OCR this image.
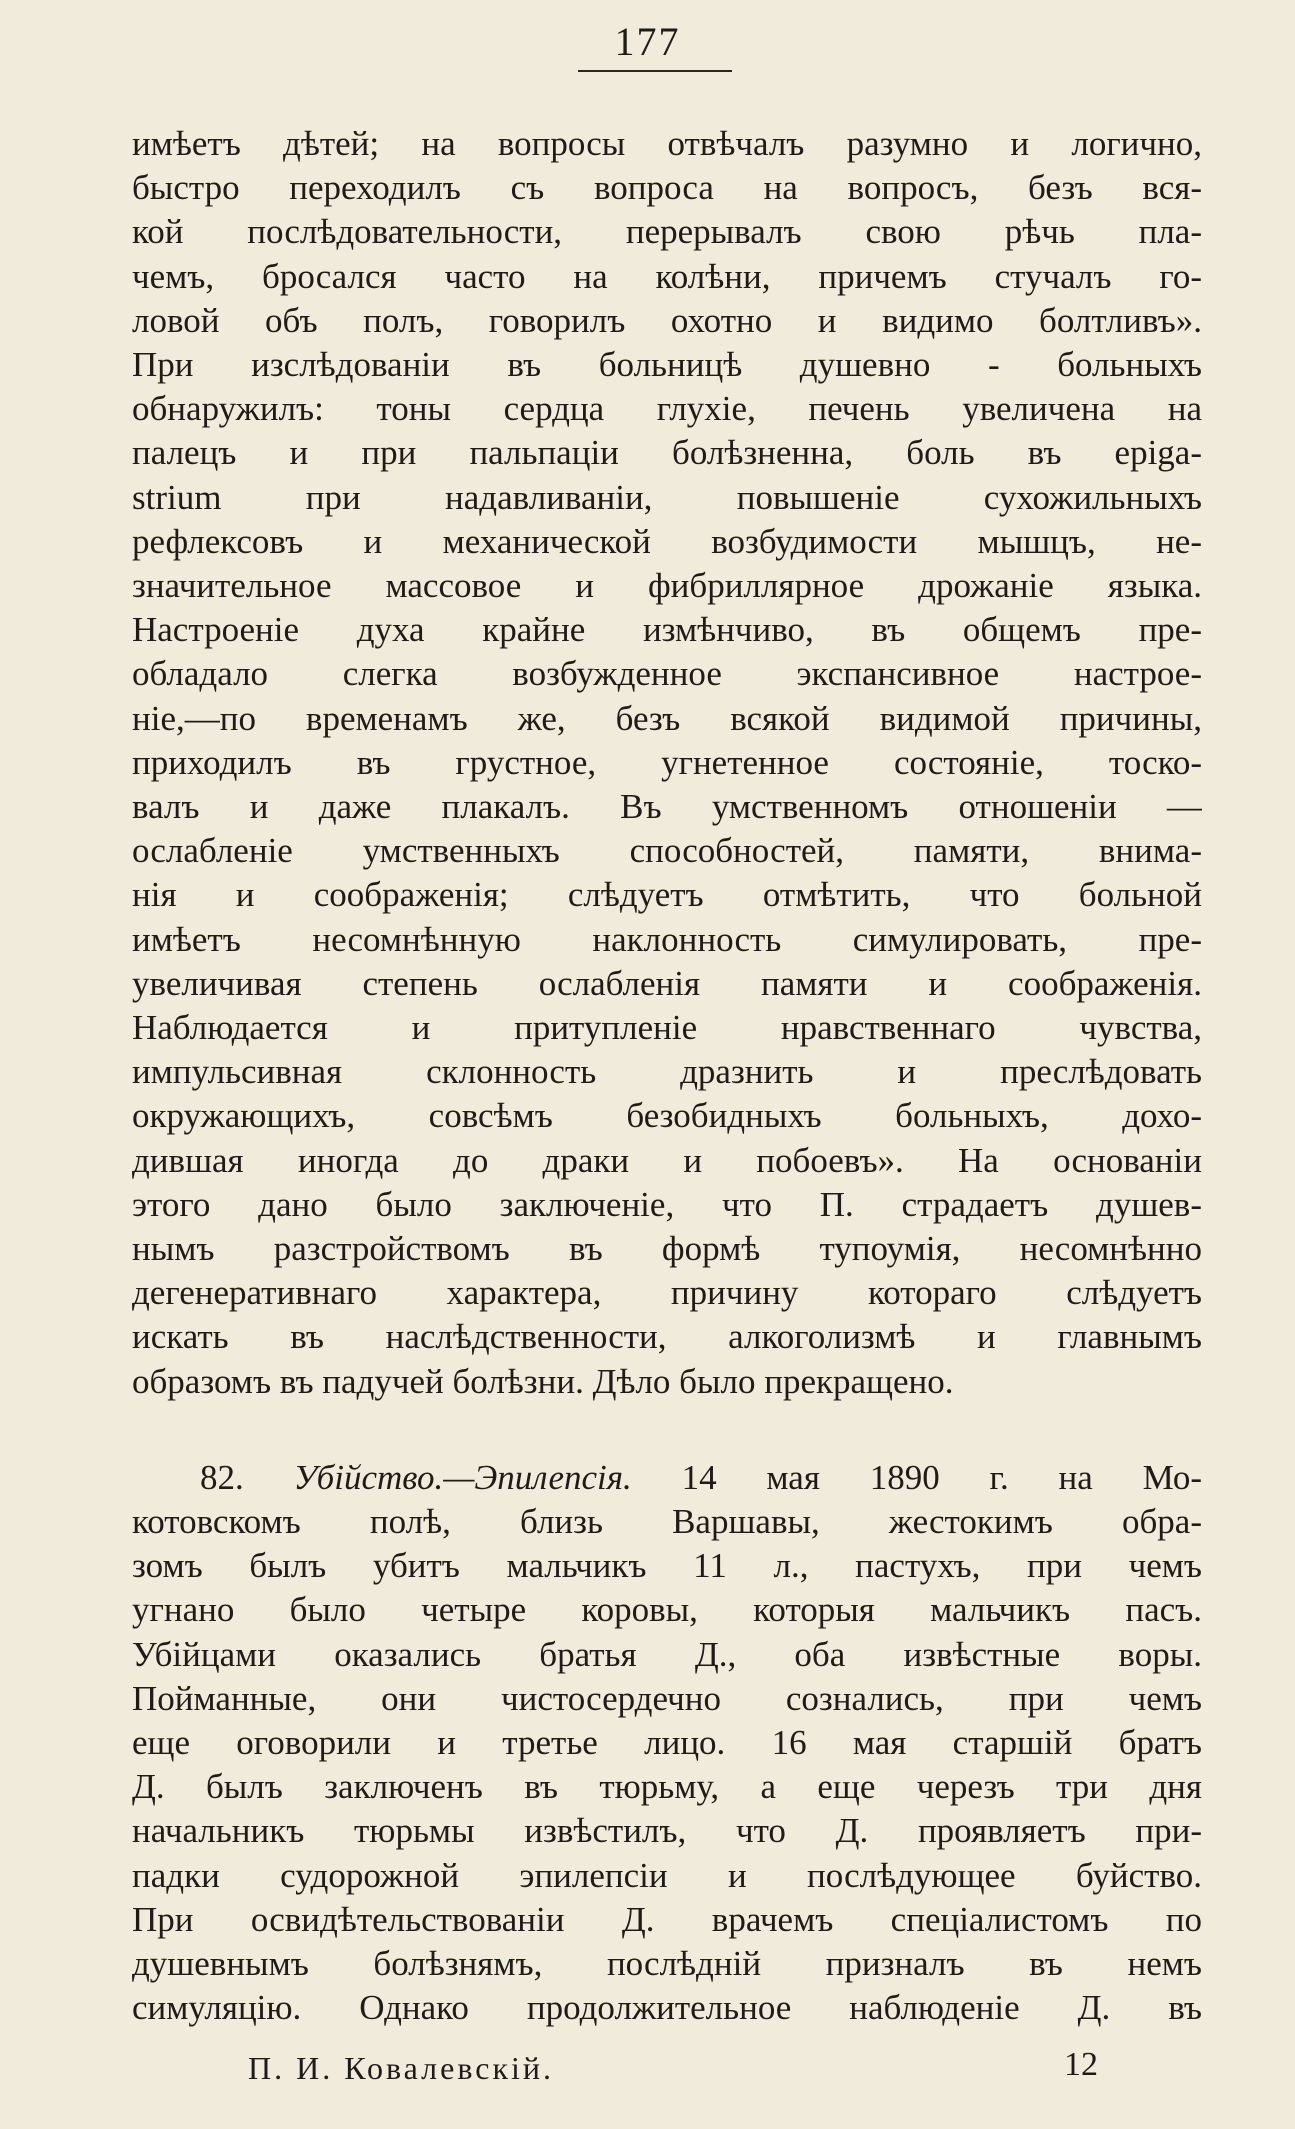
177
имѣетъ дѣтей; на вопросы отвѣчалъ разумно и логично,
быстро переходилъ съ вопроса на вопросъ, безъ вся-
кой послѣдовательности, перерывалъ свою рѣчь пла-
чемъ, бросался часто на колѣни, причемъ стучалъ го-
ловой объ полъ, говорилъ охотно и видимо болтливъ».
При изслѣдованіи въ больницѣ душевно - больныхъ
обнаружилъ: тоны сердца глухіе, печень увеличена на
палецъ и при пальпаціи болѣзненна, боль въ epiga-
strium при надавливаніи, повышеніе сухожильныхъ
рефлексовъ и механической возбудимости мышцъ, не-
значительное массовое и фибриллярное дрожаніе языка.
Настроеніе духа крайне измѣнчиво, въ общемъ пре-
обладало слегка возбужденное экспансивное настрое-
ніе,—по временамъ же, безъ всякой видимой причины,
приходилъ въ грустное, угнетенное состояніе, тоско-
валъ и даже плакалъ. Въ умственномъ отношеніи —
ослабленіе умственныхъ способностей, памяти, внима-
нія и соображенія; слѣдуетъ отмѣтить, что больной
имѣетъ несомнѣнную наклонность симулировать, пре-
увеличивая степень ослабленія памяти и соображенія.
Наблюдается и притупленіе нравственнаго чувства,
импульсивная склонность дразнить и преслѣдовать
окружающихъ, совсѣмъ безобидныхъ больныхъ, дохо-
дившая иногда до драки и побоевъ». На основаніи
этого дано было заключеніе, что П. страдаетъ душев-
нымъ разстройствомъ въ формѣ тупоумія, несомнѣнно
дегенеративнаго характера, причину котораго слѣдуетъ
искать въ наслѣдственности, алкоголизмѣ и главнымъ
образомъ въ падучей болѣзни. Дѣло было прекращено.
82. Убійство.—Эпилепсія. 14 мая 1890 г. на Мо-
котовскомъ полѣ, близь Варшавы, жестокимъ обра-
зомъ былъ убитъ мальчикъ 11 л., пастухъ, при чемъ
угнано было четыре коровы, которыя мальчикъ пасъ.
Убійцами оказались братья Д., оба извѣстные воры.
Пойманные, они чистосердечно сознались, при чемъ
еще оговорили и третье лицо. 16 мая старшій братъ
Д. былъ заключенъ въ тюрьму, а еще черезъ три дня
начальникъ тюрьмы извѣстилъ, что Д. проявляетъ при-
падки судорожной эпилепсіи и послѣдующее буйство.
При освидѣтельствованіи Д. врачемъ спеціалистомъ по
душевнымъ болѣзнямъ, послѣдній призналъ въ немъ
симуляцію. Однако продолжительное наблюденіе Д. въ
П. И. Ковалевскій.	12
